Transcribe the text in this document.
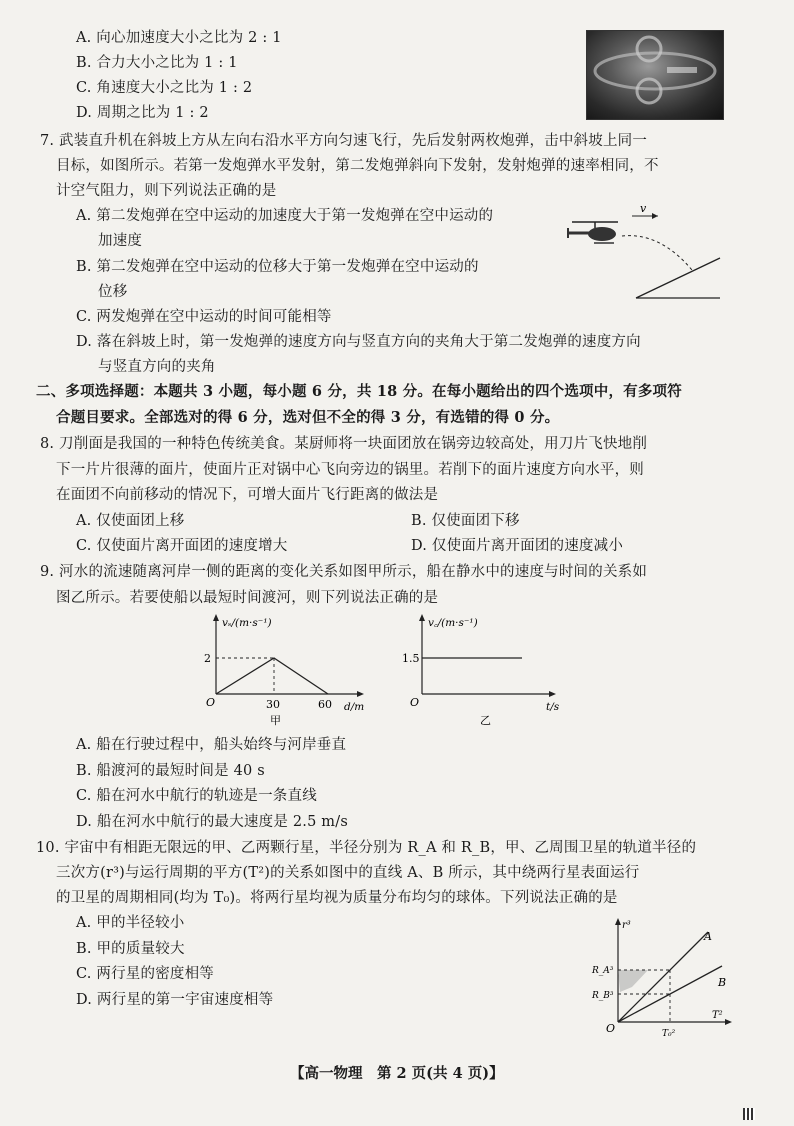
A. 向心加速度大小之比为 2 : 1
B. 合力大小之比为 1 : 1
C. 角速度大小之比为 1 : 2
D. 周期之比为 1 : 2
7. 武装直升机在斜坡上方从左向右沿水平方向匀速飞行，先后发射两枚炮弹，击中斜坡上同一
目标，如图所示。若第一发炮弹水平发射，第二发炮弹斜向下发射，发射炮弹的速率相同，不
计空气阻力，则下列说法正确的是
A. 第二发炮弹在空中运动的加速度大于第一发炮弹在空中运动的
加速度
B. 第二发炮弹在空中运动的位移大于第一发炮弹在空中运动的
位移
C. 两发炮弹在空中运动的时间可能相等
D. 落在斜坡上时，第一发炮弹的速度方向与竖直方向的夹角大于第二发炮弹的速度方向
与竖直方向的夹角
v
二、多项选择题：本题共 3 小题，每小题 6 分，共 18 分。在每小题给出的四个选项中，有多项符
合题目要求。全部选对的得 6 分，选对但不全的得 3 分，有选错的得 0 分。
8. 刀削面是我国的一种特色传统美食。某厨师将一块面团放在锅旁边较高处，用刀片飞快地削
下一片片很薄的面片，使面片正对锅中心飞向旁边的锅里。若削下的面片速度方向水平，则
在面团不向前移动的情况下，可增大面片飞行距离的做法是
A. 仅使面团上移	B. 仅使面团下移
C. 仅使面片离开面团的速度增大	D. 仅使面片离开面团的速度减小
9. 河水的流速随离河岸一侧的距离的变化关系如图甲所示，船在静水中的速度与时间的关系如
图乙所示。若要使船以最短时间渡河，则下列说法正确的是
vₛ/(m·s⁻¹)
d/m
O
2
30	60
甲
v꜀/(m·s⁻¹)
t/s
O
1.5
乙
A. 船在行驶过程中，船头始终与河岸垂直
B. 船渡河的最短时间是 40 s
C. 船在河水中航行的轨迹是一条直线
D. 船在河水中航行的最大速度是 2.5 m/s
10. 宇宙中有相距无限远的甲、乙两颗行星，半径分别为 R_A 和 R_B，甲、乙周围卫星的轨道半径的
三次方(r³)与运行周期的平方(T²)的关系如图中的直线 A、B 所示，其中绕两行星表面运行
的卫星的周期相同(均为 T₀)。将两行星均视为质量分布均匀的球体。下列说法正确的是
A. 甲的半径较小
B. 甲的质量较大
C. 两行星的密度相等
D. 两行星的第一宇宙速度相等
r³
T²
O
A
B
R_A³
R_B³
T₀²
【高一物理　第 2 页(共 4 页)】
